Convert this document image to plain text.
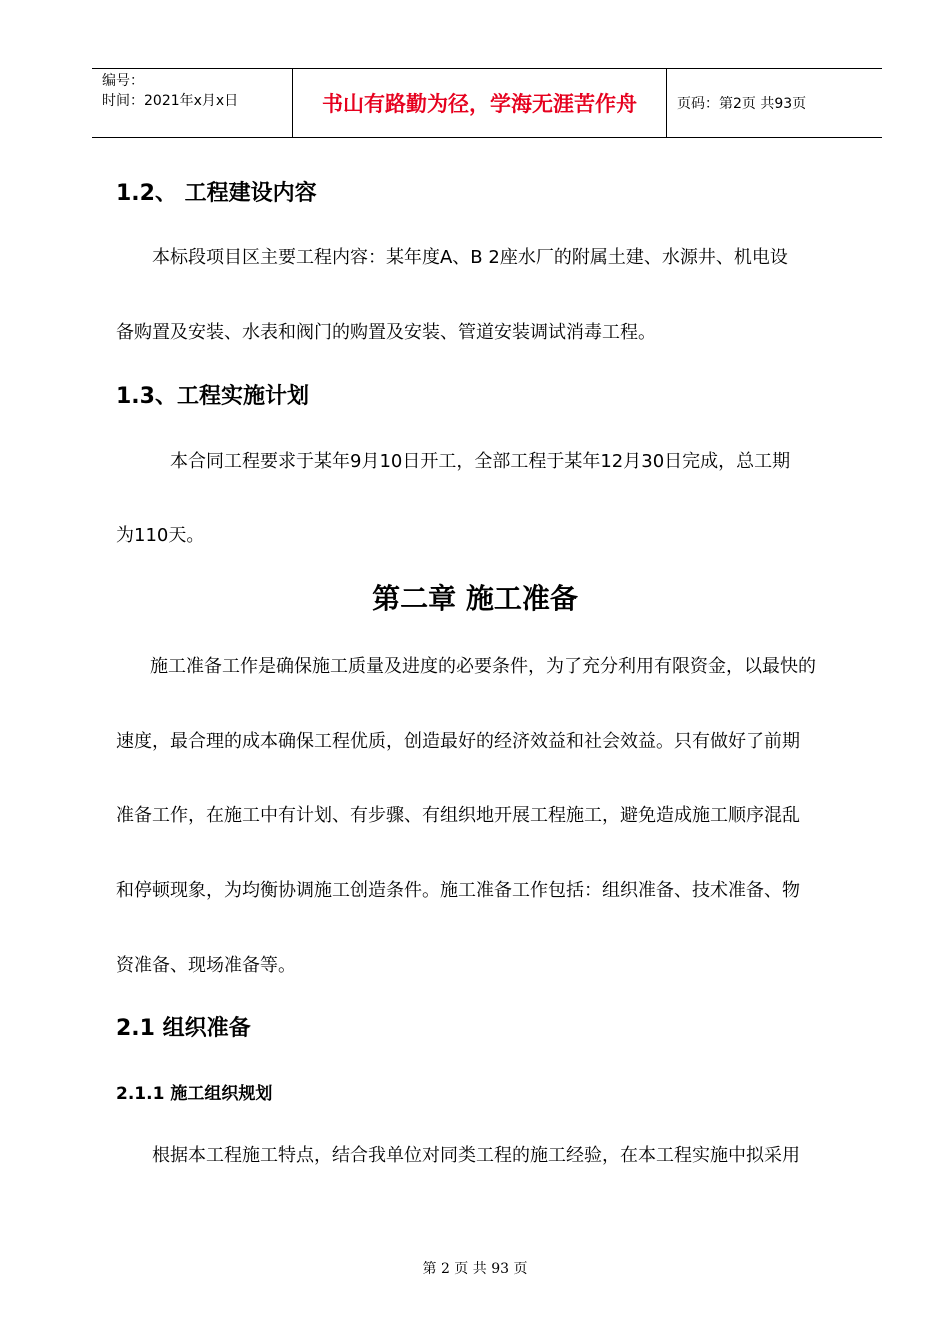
编号：
时间：2021年x月x日	书山有路勤为径，学海无涯苦作舟	页码：第2页 共93页
1.2、 工程建设内容
本标段项目区主要工程内容：某年度A、B 2座水厂的附属土建、水源井、机电设
备购置及安装、水表和阀门的购置及安装、管道安装调试消毒工程。
1.3、工程实施计划
本合同工程要求于某年9月10日开工，全部工程于某年12月30日完成，总工期
为110天。
第二章 施工准备
施工准备工作是确保施工质量及进度的必要条件，为了充分利用有限资金，以最快的
速度，最合理的成本确保工程优质，创造最好的经济效益和社会效益。只有做好了前期
准备工作，在施工中有计划、有步骤、有组织地开展工程施工，避免造成施工顺序混乱
和停顿现象，为均衡协调施工创造条件。施工准备工作包括：组织准备、技术准备、物
资准备、现场准备等。
2.1 组织准备
2.1.1 施工组织规划
根据本工程施工特点，结合我单位对同类工程的施工经验，在本工程实施中拟采用
第 2 页 共 93 页
